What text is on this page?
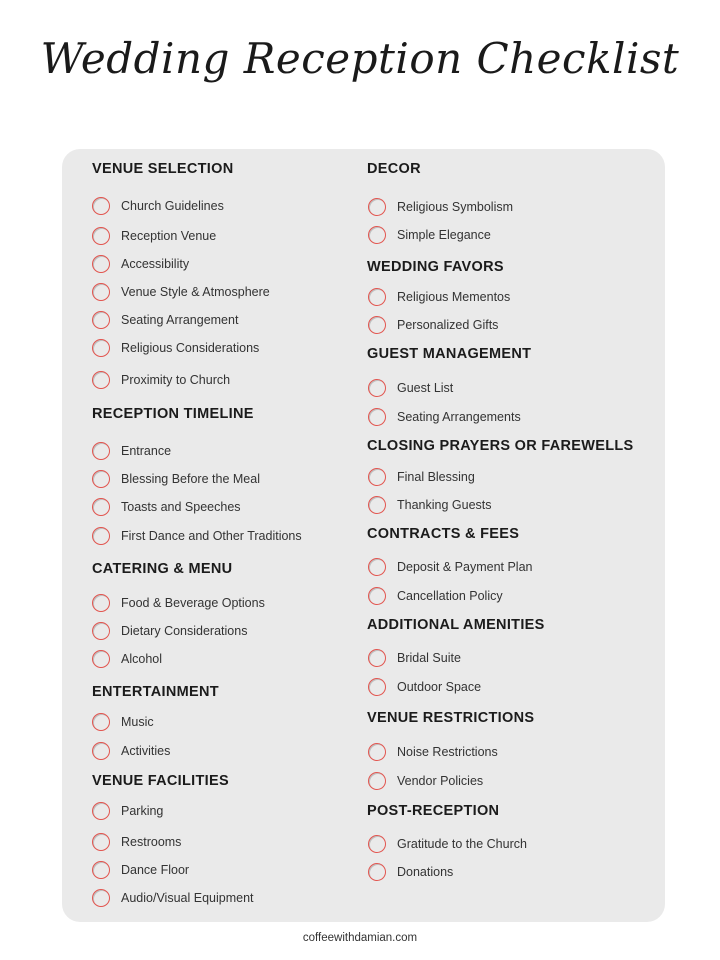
Wedding Reception Checklist
VENUE SELECTION
Church Guidelines
Reception Venue
Accessibility
Venue Style & Atmosphere
Seating Arrangement
Religious Considerations
Proximity to Church
RECEPTION TIMELINE
Entrance
Blessing Before the Meal
Toasts and Speeches
First Dance and Other Traditions
CATERING & MENU
Food & Beverage Options
Dietary Considerations
Alcohol
ENTERTAINMENT
Music
Activities
VENUE FACILITIES
Parking
Restrooms
Dance Floor
Audio/Visual Equipment
DECOR
Religious Symbolism
Simple Elegance
WEDDING FAVORS
Religious Mementos
Personalized Gifts
GUEST MANAGEMENT
Guest List
Seating Arrangements
CLOSING PRAYERS OR FAREWELLS
Final Blessing
Thanking Guests
CONTRACTS & FEES
Deposit & Payment Plan
Cancellation Policy
ADDITIONAL AMENITIES
Bridal Suite
Outdoor Space
VENUE RESTRICTIONS
Noise Restrictions
Vendor Policies
POST-RECEPTION
Gratitude to the Church
Donations
coffeewithdamian.com
